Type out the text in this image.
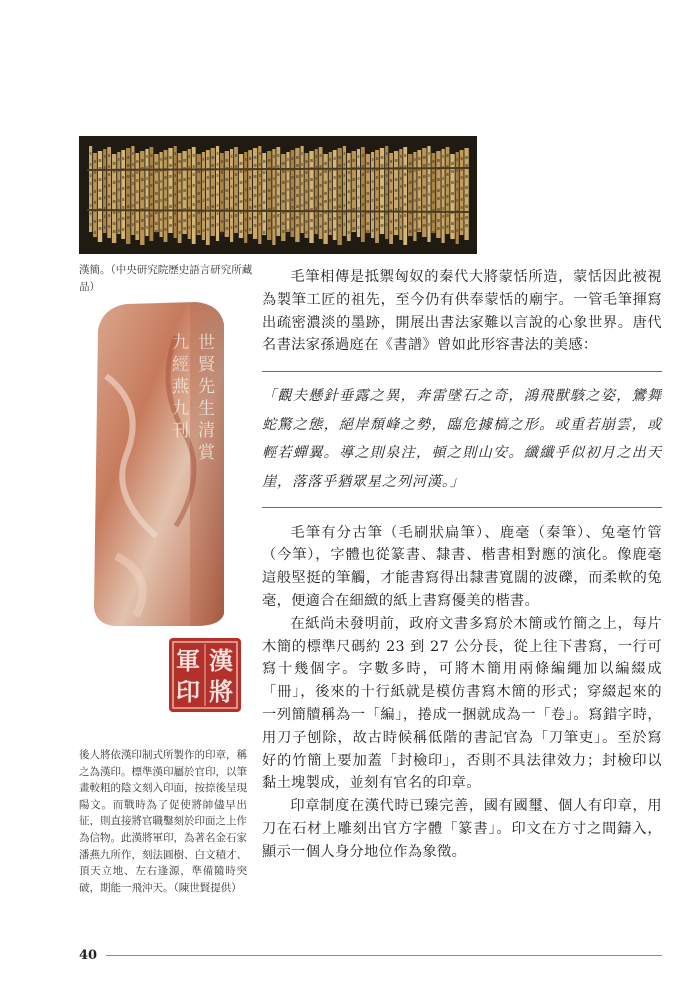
漢簡。（中央研究院歷史語言研究所藏品）
世
賢
先
生
清
賞
九
經
燕
九
刊
漢
將
軍
印
後人將依漢印制式所製作的印章，稱之為漢印。標準漢印屬於官印，以筆畫較粗的陰文刻入印面，按捺後呈現陽文。而戰時為了促使將帥儘早出征，則直接將官職鑿刻於印面之上作為信物。此漢將軍印，為著名金石家潘燕九所作，刻法圓樹、白文積才、頂天立地、左右逢源，準備隨時突破，期能一飛沖天。（陳世賢提供）

毛筆相傳是抵禦匈奴的秦代大將蒙恬所造，蒙恬因此被視為製筆工匠的祖先，至今仍有供奉蒙恬的廟宇。一管毛筆揮寫出疏密濃淡的墨跡，開展出書法家難以言說的心象世界。唐代名書法家孫過庭在《書譜》曾如此形容書法的美感：

「觀夫懸針垂露之異，奔雷墜石之奇，鴻飛獸駭之姿，鸞舞蛇驚之態，絕岸頹峰之勢，臨危據槁之形。或重若崩雲，或輕若蟬翼。導之則泉注，頓之則山安。纖纖乎似初月之出天崖，落落乎猶眾星之列河漢。」

毛筆有分古筆（毛刷狀扁筆）、鹿毫（秦筆）、兔毫竹管（今筆），字體也從篆書、隸書、楷書相對應的演化。像鹿毫這般堅挺的筆觸，才能書寫得出隸書寬闊的波礫，而柔軟的兔毫，便適合在細緻的紙上書寫優美的楷書。

在紙尚未發明前，政府文書多寫於木簡或竹簡之上，每片木簡的標準尺碼約 23 到 27 公分長，從上往下書寫，一行可寫十幾個字。字數多時，可將木簡用兩條編繩加以編綴成「冊」，後來的十行紙就是模仿書寫木簡的形式；穿綴起來的一列簡牘稱為一「編」，捲成一捆就成為一「卷」。寫錯字時，用刀子刨除，故古時候稱低階的書記官為「刀筆吏」。至於寫好的竹簡上要加蓋「封檢印」，否則不具法律效力；封檢印以黏土塊製成，並刻有官名的印章。

印章制度在漢代時已臻完善，國有國璽、個人有印章，用刀在石材上雕刻出官方字體「篆書」。印文在方寸之間鑄入，顯示一個人身分地位作為象徵。

40
